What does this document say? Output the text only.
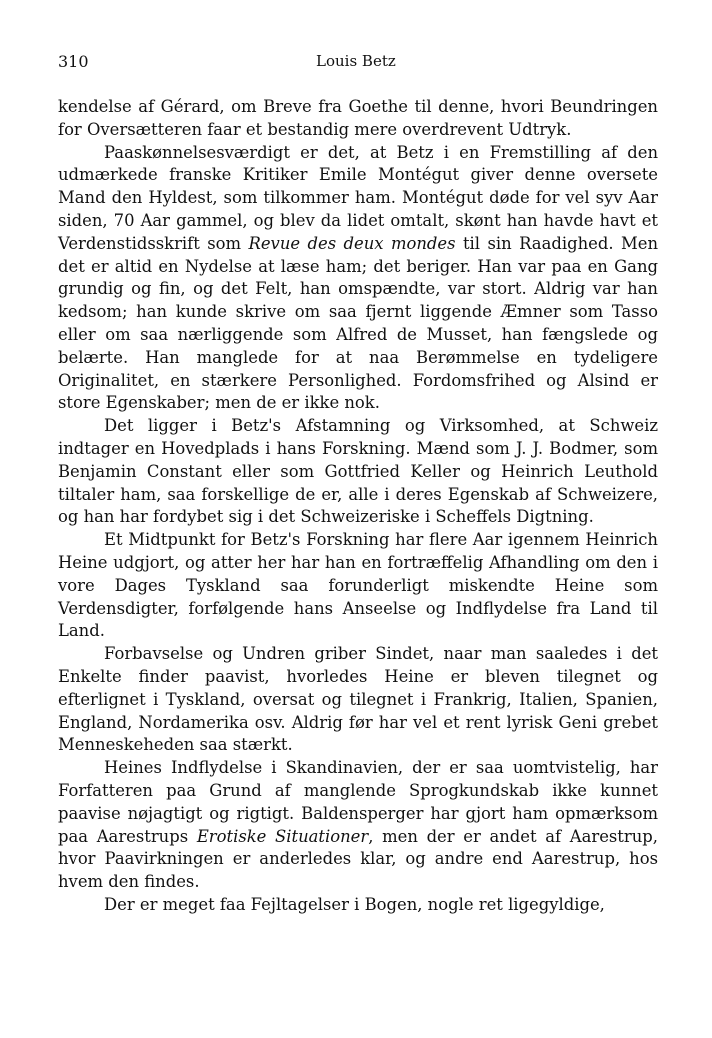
310	Louis Betz

kendelse af Gérard, om Breve fra Goethe til denne, hvori Beundringen for Oversætteren faar et bestandig mere overdrevent Udtryk.

Paaskønnelsesværdigt er det, at Betz i en Fremstilling af den udmærkede franske Kritiker Emile Montégut giver denne oversete Mand den Hyldest, som tilkommer ham. Montégut døde for vel syv Aar siden, 70 Aar gammel, og blev da lidet omtalt, skønt han havde havt et Verdenstidsskrift som Revue des deux mondes til sin Raadighed. Men det er altid en Nydelse at læse ham; det beriger. Han var paa en Gang grundig og fin, og det Felt, han omspændte, var stort. Aldrig var han kedsom; han kunde skrive om saa fjernt liggende Æmner som Tasso eller om saa nærliggende som Alfred de Musset, han fængslede og belærte. Han manglede for at naa Berømmelse en tydeligere Originalitet, en stærkere Personlighed. Fordomsfrihed og Alsind er store Egenskaber; men de er ikke nok.

Det ligger i Betz's Afstamning og Virksomhed, at Schweiz indtager en Hovedplads i hans Forskning. Mænd som J. J. Bodmer, som Benjamin Constant eller som Gottfried Keller og Heinrich Leuthold tiltaler ham, saa forskellige de er, alle i deres Egenskab af Schweizere, og han har fordybet sig i det Schweizeriske i Scheffels Digtning.

Et Midtpunkt for Betz's Forskning har flere Aar igennem Heinrich Heine udgjort, og atter her har han en fortræffelig Afhandling om den i vore Dages Tyskland saa forunderligt miskendte Heine som Verdensdigter, forfølgende hans Anseelse og Indflydelse fra Land til Land.

Forbavselse og Undren griber Sindet, naar man saaledes i det Enkelte finder paavist, hvorledes Heine er bleven tilegnet og efterlignet i Tyskland, oversat og tilegnet i Frankrig, Italien, Spanien, England, Nordamerika osv. Aldrig før har vel et rent lyrisk Geni grebet Menneskeheden saa stærkt.

Heines Indflydelse i Skandinavien, der er saa uomtvistelig, har Forfatteren paa Grund af manglende Sprogkundskab ikke kunnet paavise nøjagtigt og rigtigt. Baldensperger har gjort ham opmærksom paa Aarestrups Erotiske Situationer, men der er andet af Aarestrup, hvor Paavirkningen er anderledes klar, og andre end Aarestrup, hos hvem den findes.

Der er meget faa Fejltagelser i Bogen, nogle ret ligegyldige,
